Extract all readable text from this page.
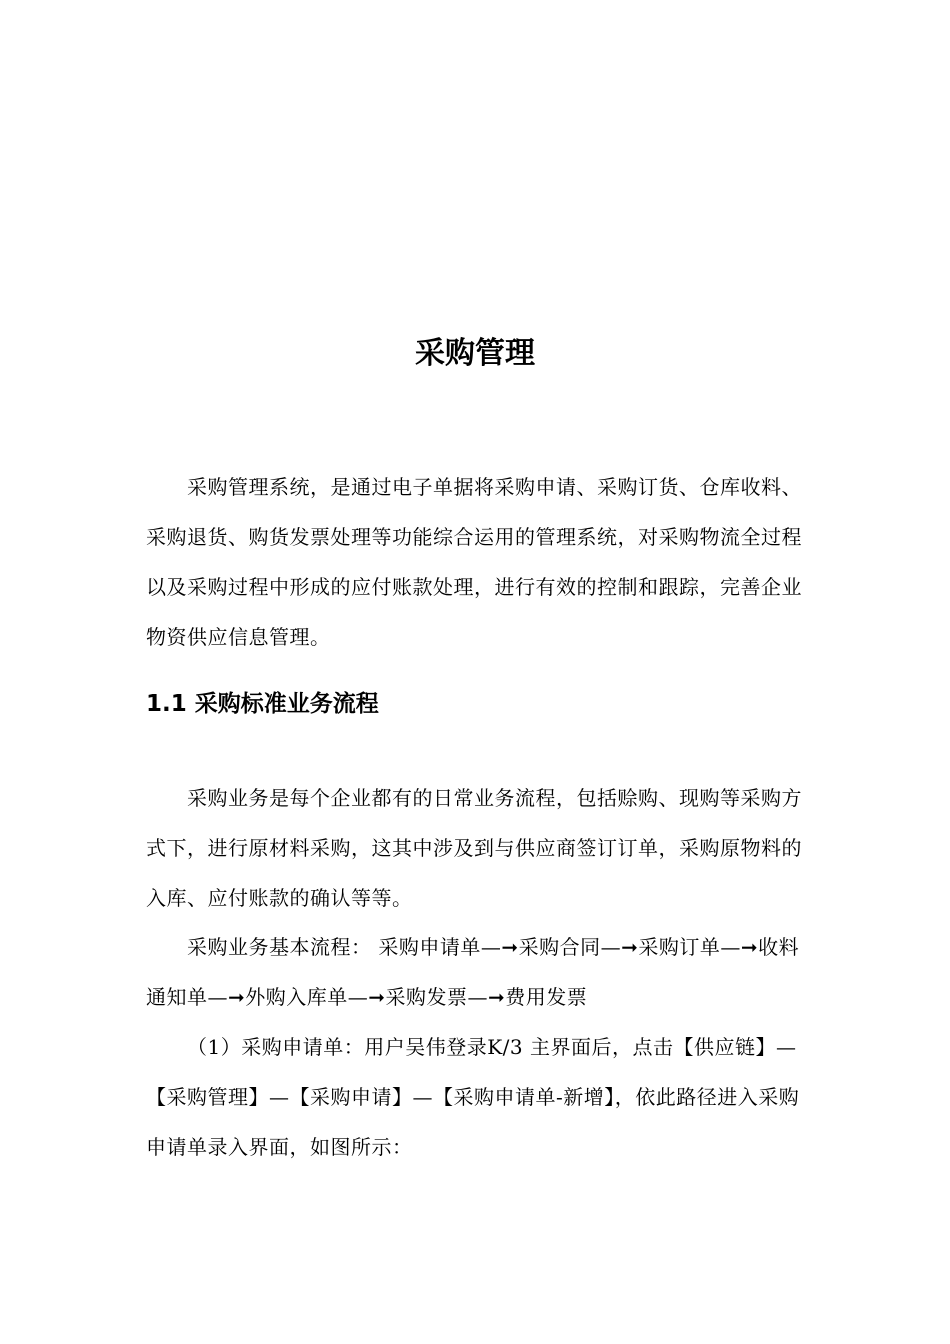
采购管理

采购管理系统，是通过电子单据将采购申请、采购订货、仓库收料、采购退货、购货发票处理等功能综合运用的管理系统，对采购物流全过程以及采购过程中形成的应付账款处理，进行有效的控制和跟踪，完善企业物资供应信息管理。

1.1 采购标准业务流程

采购业务是每个企业都有的日常业务流程，包括赊购、现购等采购方式下，进行原材料采购，这其中涉及到与供应商签订订单，采购原物料的入库、应付账款的确认等等。

采购业务基本流程： 采购申请单—➞采购合同—➞采购订单—➞收料通知单—➞外购入库单—➞采购发票—➞费用发票

（1）采购申请单：用户吴伟登录K/3 主界面后，点击【供应链】—【采购管理】—【采购申请】—【采购申请单-新增】，依此路径进入采购申请单录入界面，如图所示：
